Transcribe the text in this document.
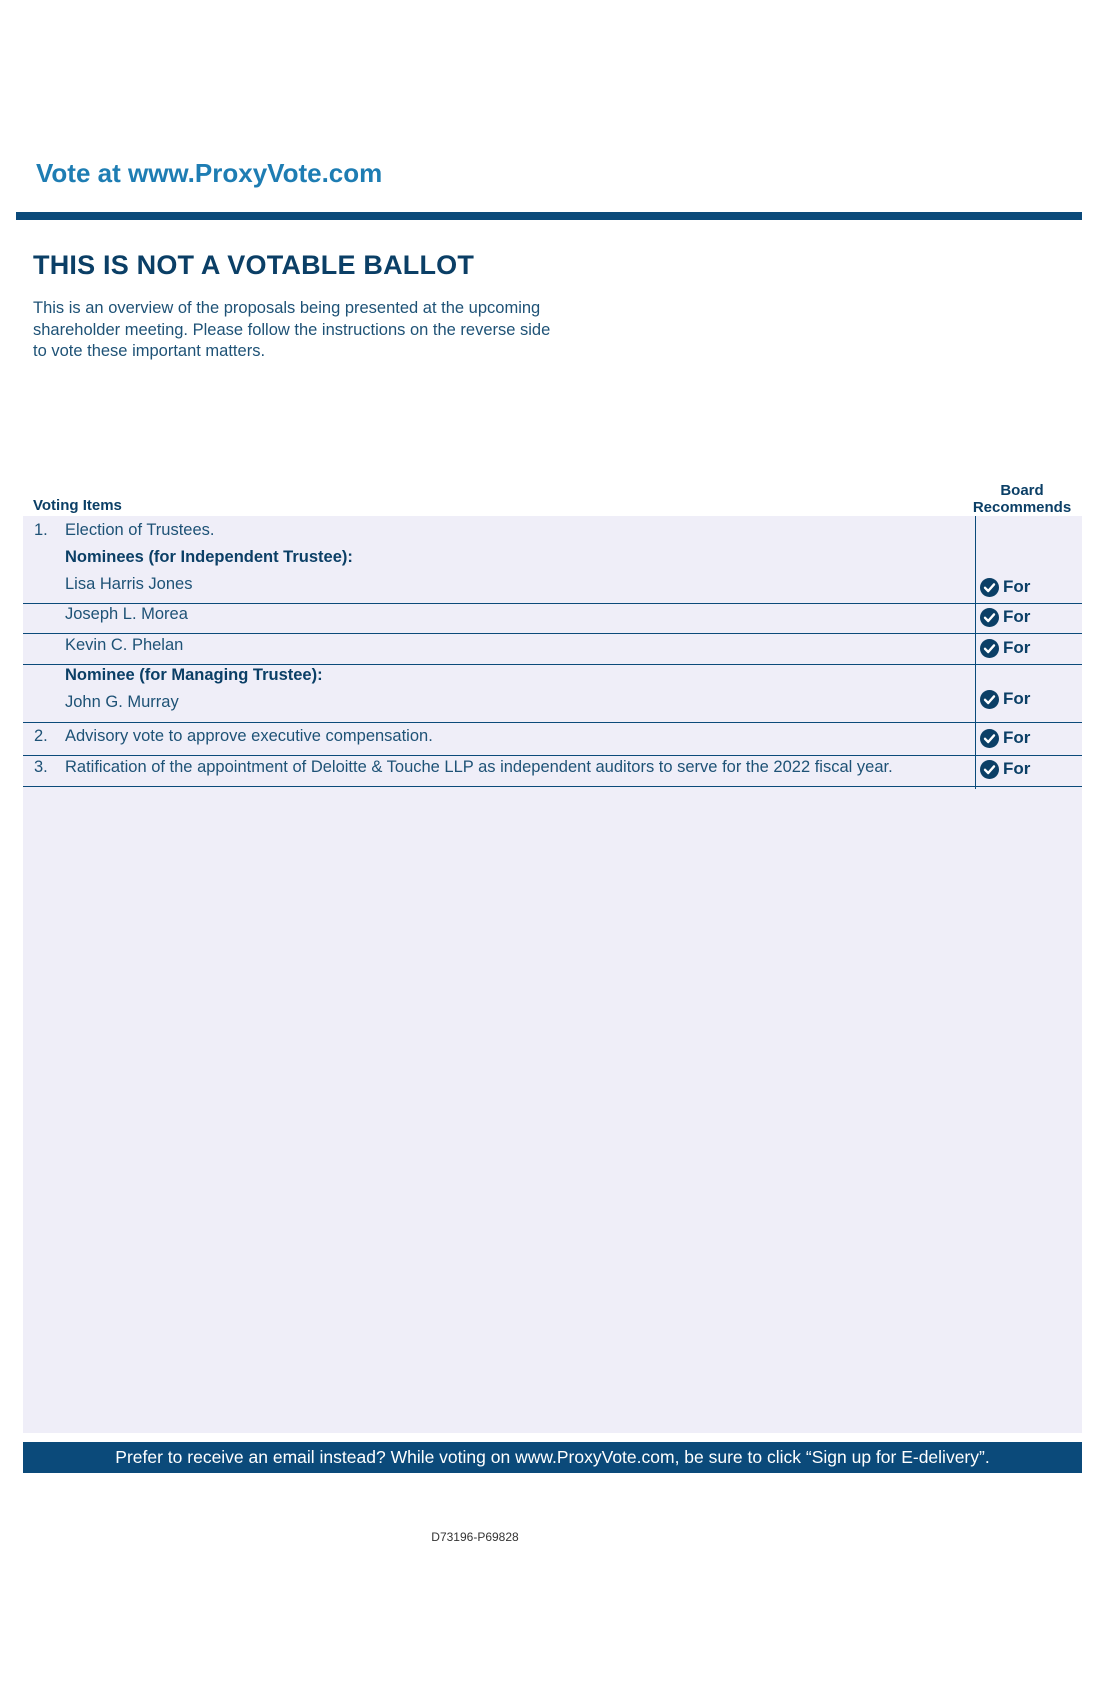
Vote at www.ProxyVote.com
THIS IS NOT A VOTABLE BALLOT

This is an overview of the proposals being presented at the upcoming shareholder meeting. Please follow the instructions on the reverse side to vote these important matters.

Voting Items
Board Recommends
1. Election of Trustees.
Nominees (for Independent Trustee):
Lisa Harris Jones	For
Joseph L. Morea	For
Kevin C. Phelan	For
Nominee (for Managing Trustee):
John G. Murray	For
2. Advisory vote to approve executive compensation.	For
3. Ratification of the appointment of Deloitte & Touche LLP as independent auditors to serve for the 2022 fiscal year.	For
Prefer to receive an email instead? While voting on www.ProxyVote.com, be sure to click “Sign up for E-delivery”.
D73196-P69828
